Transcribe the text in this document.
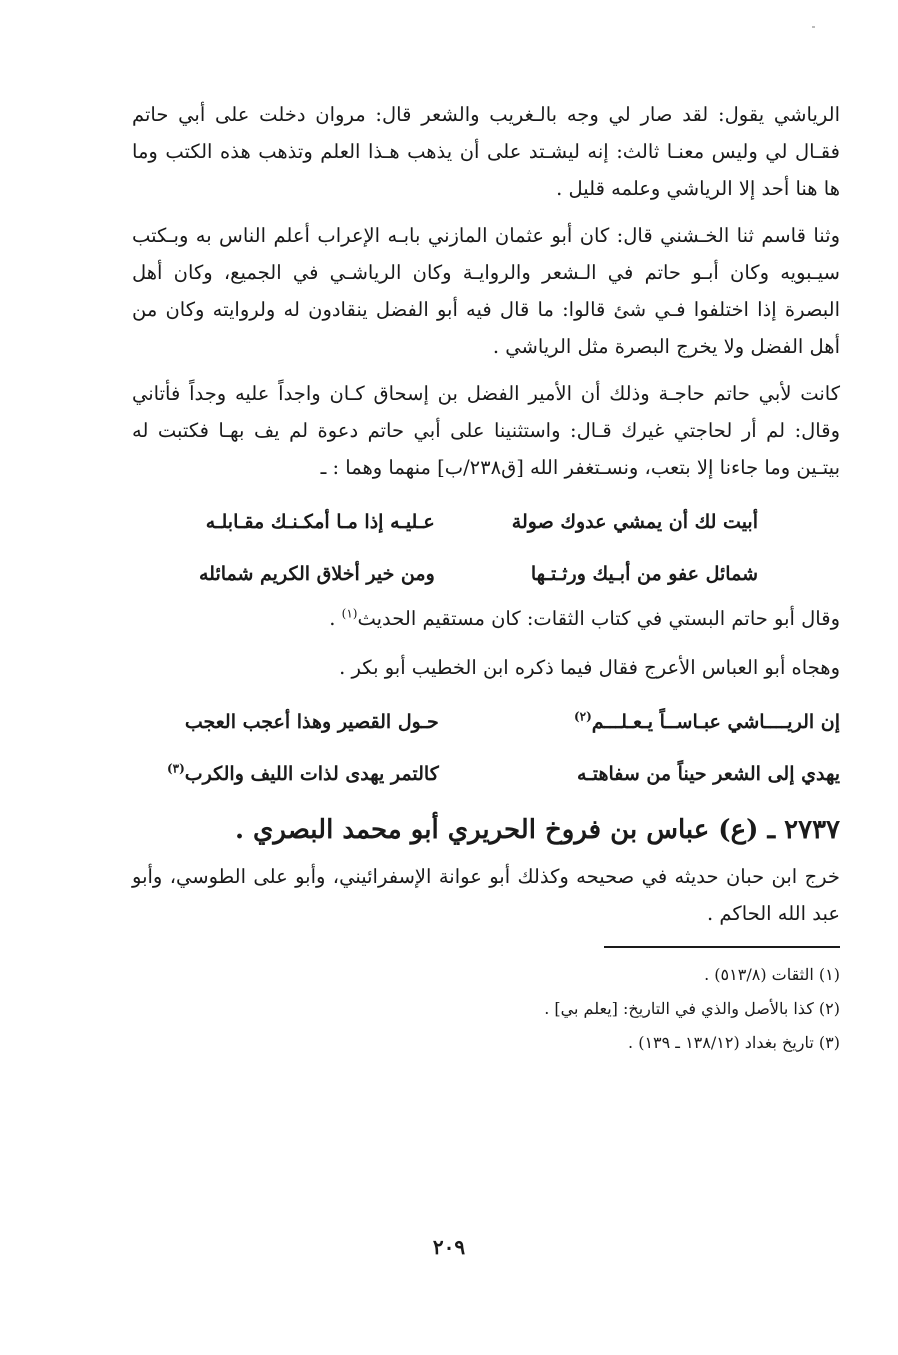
الرياشي يقول: لقد صار لي وجه بالـغريب والشعر قال: مروان دخلت على أبي حاتم فقـال لي وليس معنـا ثالث: إنه ليشـتد على أن يذهب هـذا العلم وتذهب هذه الكتب وما ها هنا أحد إلا الرياشي وعلمه قليل .

وثنا قاسم ثنا الخـشني قال: كان أبو عثمان المازني بابـه الإعراب أعلم الناس به وبـكتب سيـبويه وكان أبـو حاتم في الـشعر والروايـة وكان الرياشـي في الجميع، وكان أهل البصرة إذا اختلفوا فـي شئ قالوا: ما قال فيه أبو الفضل ينقادون له ولروايته وكان من أهل الفضل ولا يخرج البصرة مثل الرياشي .

كانت لأبي حاتم حاجـة وذلك أن الأمير الفضل بن إسحاق كـان واجداً عليه وجداً فأتاني وقال: لم أر لحاجتي غيرك قـال: واستثنينا على أبي حاتم دعوة لم يف بهـا فكتبت له بيتـين وما جاءنا إلا بتعب، ونسـتغفر الله [ق٢٣٨/ب] منهما وهما : ـ

أبيت لك أن يمشي عدوك صولة
عـليـه إذا مـا أمكـنـك مقـابلـه
شمائل عفو من أبـيك ورثـتـها
ومن خير أخلاق الكريم شمائله

وقال أبو حاتم البستي في كتاب الثقات: كان مستقيم الحديث$^{(١)}$ .

وهجاه أبو العباس الأعرج فقال فيما ذكره ابن الخطيب أبو بكر .

إن الريــــاشي عبـاســاً يـعـلـــم$^{(٢)}$
حـول القصير وهذا أعجب العجب
يهدي إلى الشعر حيناً من سفاهتـه
كالتمر يهدى لذات الليف والكرب$^{(٣)}$
٢٧٣٧ ـ (ع) عباس بن فروخ الحريري أبو محمد البصري .

خرج ابن حبان حديثه في صحيحه وكذلك أبو عوانة الإسفرائيني، وأبو على الطوسي، وأبو عبد الله الحاكم .

(١) الثقات (٥١٣/٨) .
(٢) كذا بالأصل والذي في التاريخ: [يعلم بي] .
(٣) تاريخ بغداد (١٣٨/١٢ ـ ١٣٩) .
٢٠٩
